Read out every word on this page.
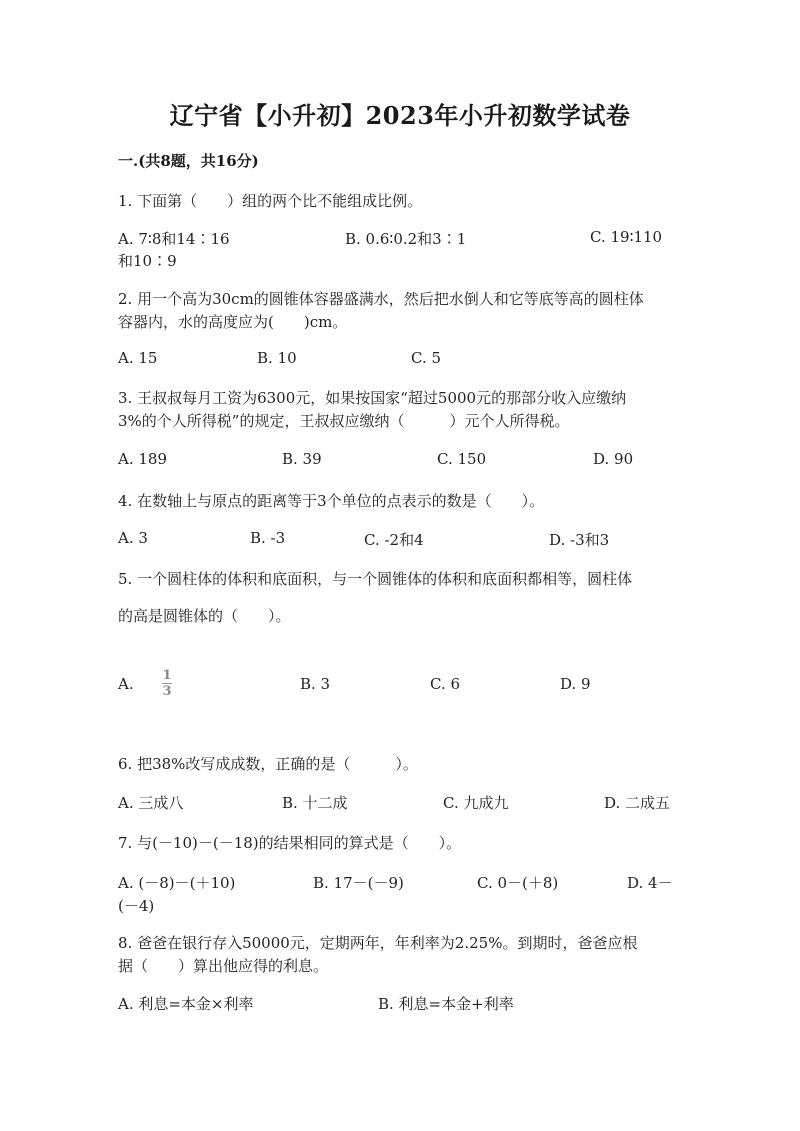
辽宁省【小升初】2023年小升初数学试卷
一.(共8题，共16分)
1. 下面第（　　）组的两个比不能组成比例。
A. 7∶8和14∶16	B. 0.6∶0.2和3∶1	C. 19∶110
和10∶9
2. 用一个高为30cm的圆锥体容器盛满水，然后把水倒人和它等底等高的圆柱体
容器内，水的高度应为(　　)cm。
A. 15	B. 10	C. 5
3. 王叔叔每月工资为6300元，如果按国家“超过5000元的那部分收入应缴纳
3%的个人所得税”的规定，王叔叔应缴纳（　　　）元个人所得税。
A. 189	B. 39	C. 150	D. 90
4. 在数轴上与原点的距离等于3个单位的点表示的数是（　　）。
A. 3	B. -3	C. -2和4	D. -3和3
5. 一个圆柱体的体积和底面积，与一个圆锥体的体积和底面积都相等，圆柱体
的高是圆锥体的（　　）。
A. 1
3	B. 3	C. 6	D. 9
6. 把38%改写成成数，正确的是（　　　）。
A. 三成八	B. 十二成	C. 九成九	D. 二成五
7. 与(－10)－(－18)的结果相同的算式是（　　）。
A. (－8)－(＋10)	B. 17－(－9)	C. 0－(＋8)	D. 4－
(－4)
8. 爸爸在银行存入50000元，定期两年，年利率为2.25%。到期时，爸爸应根
据（　　）算出他应得的利息。
A. 利息=本金×利率	B. 利息=本金+利率
